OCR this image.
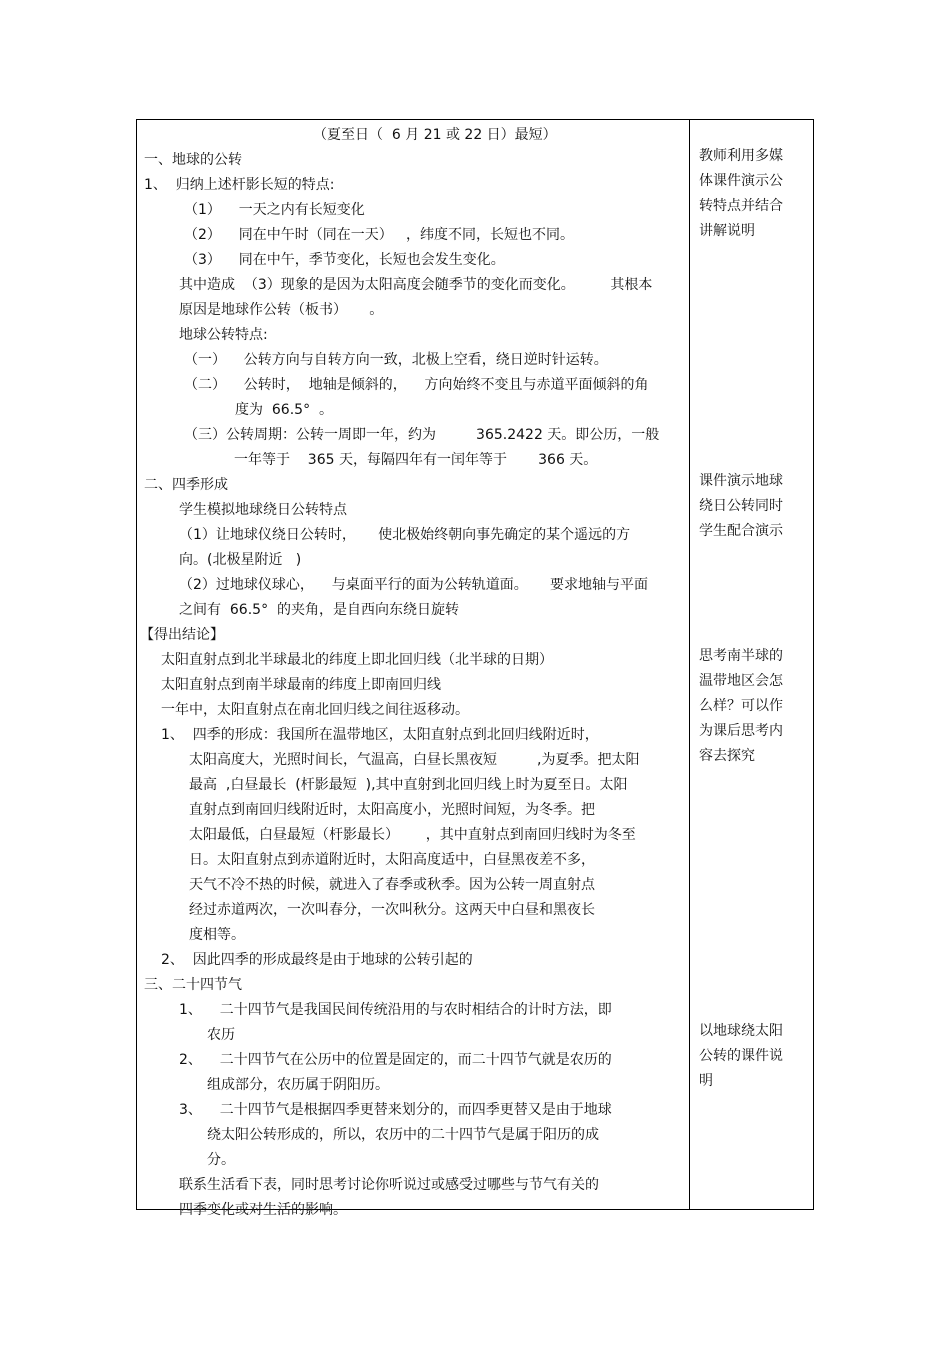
（夏至日（  6 月 21 或 22 日）最短）
一、地球的公转
1、  归纳上述杆影长短的特点:
（1）    一天之内有长短变化
（2）    同在中午时（同在一天）   ，纬度不同，长短也不同。
（3）    同在中午，季节变化，长短也会发生变化。
其中造成  （3）现象的是因为太阳高度会随季节的变化而变化。        其根本
原因是地球作公转（板书）     。
地球公转特点:
（一）    公转方向与自转方向一致，北极上空看，绕日逆时针运转。
（二）    公转时，  地轴是倾斜的，    方向始终不变且与赤道平面倾斜的角
度为  66.5°  。
（三）公转周期：公转一周即一年，约为         365.2422 天。即公历，一般
一年等于    365 天，每隔四年有一闰年等于       366 天。
二、四季形成
学生模拟地球绕日公转特点
（1）让地球仪绕日公转时，     使北极始终朝向事先确定的某个遥远的方
向。(北极星附近   )
（2）过地球仪球心，    与桌面平行的面为公转轨道面。     要求地轴与平面
之间有  66.5°  的夹角，是自西向东绕日旋转
【得出结论】
太阳直射点到北半球最北的纬度上即北回归线（北半球的日期）
太阳直射点到南半球最南的纬度上即南回归线
一年中，太阳直射点在南北回归线之间往返移动。
1、  四季的形成：我国所在温带地区，太阳直射点到北回归线附近时，
太阳高度大，光照时间长，气温高，白昼长黑夜短         ,为夏季。把太阳
最高  ,白昼最长  (杆影最短  ),其中直射到北回归线上时为夏至日。太阳
直射点到南回归线附近时，太阳高度小，光照时间短，为冬季。把
太阳最低，白昼最短（杆影最长）      ，其中直射点到南回归线时为冬至
日。太阳直射点到赤道附近时，太阳高度适中，白昼黑夜差不多，
天气不冷不热的时候，就进入了春季或秋季。因为公转一周直射点
经过赤道两次，一次叫春分，一次叫秋分。这两天中白昼和黑夜长
度相等。
2、  因此四季的形成最终是由于地球的公转引起的
三、二十四节气
1、    二十四节气是我国民间传统沿用的与农时相结合的计时方法，即
农历
2、    二十四节气在公历中的位置是固定的，而二十四节气就是农历的
组成部分，农历属于阴阳历。
3、    二十四节气是根据四季更替来划分的，而四季更替又是由于地球
绕太阳公转形成的，所以，农历中的二十四节气是属于阳历的成
分。
联系生活看下表，同时思考讨论你听说过或感受过哪些与节气有关的
四季变化或对生活的影响。
教师利用多媒
体课件演示公
转特点并结合
讲解说明
课件演示地球
绕日公转同时
学生配合演示
思考南半球的
温带地区会怎
么样？可以作
为课后思考内
容去探究
以地球绕太阳
公转的课件说
明
